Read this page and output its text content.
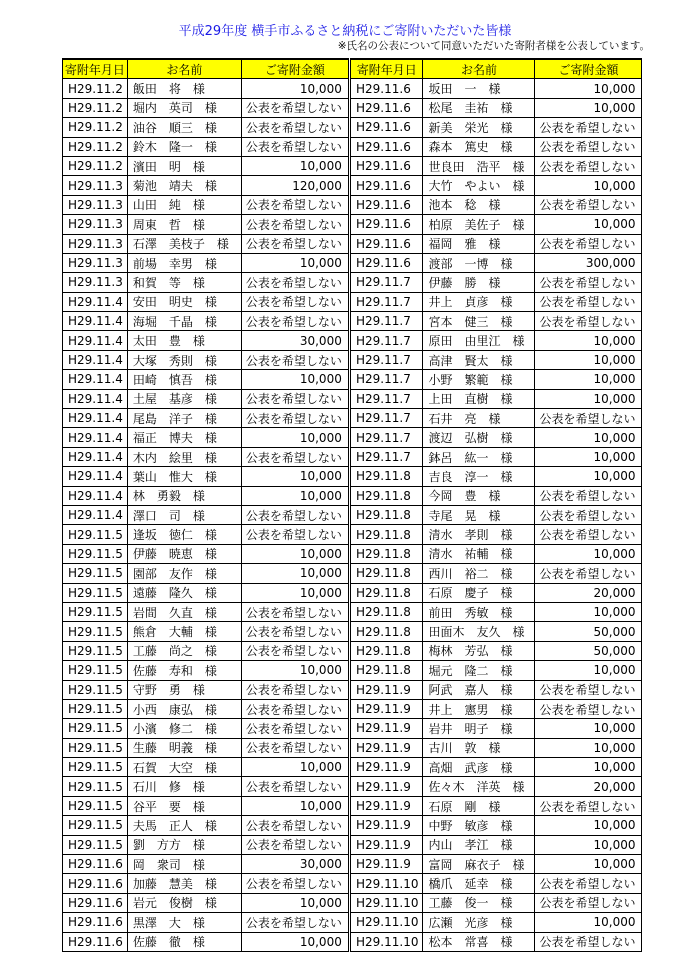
平成29年度 横手市ふるさと納税にご寄附いただいた皆様
※氏名の公表について同意いただいた寄附者様を公表しています。
寄附年月日	お名前	ご寄附金額
H29.11.2	飯田　将　様	10,000
H29.11.2	堀内　英司　様	公表を希望しない
H29.11.2	油谷　順三　様	公表を希望しない
H29.11.2	鈴木　隆一　様	公表を希望しない
H29.11.2	濱田　明　様	10,000
H29.11.3	菊池　靖夫　様	120,000
H29.11.3	山田　純　様	公表を希望しない
H29.11.3	周東　哲　様	公表を希望しない
H29.11.3	石澤　美枝子　様	公表を希望しない
H29.11.3	前場　幸男　様	10,000
H29.11.3	和賀　等　様	公表を希望しない
H29.11.4	安田　明史　様	公表を希望しない
H29.11.4	海堀　千晶　様	公表を希望しない
H29.11.4	太田　豊　様	30,000
H29.11.4	大塚　秀則　様	公表を希望しない
H29.11.4	田崎　慎吾　様	10,000
H29.11.4	土屋　基彦　様	公表を希望しない
H29.11.4	尾島　洋子　様	公表を希望しない
H29.11.4	福正　博夫　様	10,000
H29.11.4	木内　絵里　様	公表を希望しない
H29.11.4	葉山　惟大　様	10,000
H29.11.4	林　勇毅　様	10,000
H29.11.4	澤口　司　様	公表を希望しない
H29.11.5	逢坂　徳仁　様	公表を希望しない
H29.11.5	伊藤　暁恵　様	10,000
H29.11.5	園部　友作　様	10,000
H29.11.5	遠藤　隆久　様	10,000
H29.11.5	岩間　久直　様	公表を希望しない
H29.11.5	熊倉　大輔　様	公表を希望しない
H29.11.5	工藤　尚之　様	公表を希望しない
H29.11.5	佐藤　寿和　様	10,000
H29.11.5	守野　勇　様	公表を希望しない
H29.11.5	小西　康弘　様	公表を希望しない
H29.11.5	小濱　修二　様	公表を希望しない
H29.11.5	生藤　明義　様	公表を希望しない
H29.11.5	石賀　大空　様	10,000
H29.11.5	石川　修　様	公表を希望しない
H29.11.5	谷平　要　様	10,000
H29.11.5	夫馬　正人　様	公表を希望しない
H29.11.5	劉　方方　様	公表を希望しない
H29.11.6	岡　衆司　様	30,000
H29.11.6	加藤　慧美　様	公表を希望しない
H29.11.6	岩元　俊樹　様	10,000
H29.11.6	黒澤　大　様	公表を希望しない
H29.11.6	佐藤　徹　様	10,000
寄附年月日	お名前	ご寄附金額
H29.11.6	坂田　一　様	10,000
H29.11.6	松尾　圭祐　様	10,000
H29.11.6	新美　栄光　様	公表を希望しない
H29.11.6	森本　篤史　様	公表を希望しない
H29.11.6	世良田　浩平　様	公表を希望しない
H29.11.6	大竹　やよい　様	10,000
H29.11.6	池本　稔　様	公表を希望しない
H29.11.6	柏原　美佐子　様	10,000
H29.11.6	福岡　雅　様	公表を希望しない
H29.11.6	渡部　一博　様	300,000
H29.11.7	伊藤　勝　様	公表を希望しない
H29.11.7	井上　貞彦　様	公表を希望しない
H29.11.7	宮本　健三　様	公表を希望しない
H29.11.7	原田　由里江　様	10,000
H29.11.7	高津　賢太　様	10,000
H29.11.7	小野　繁範　様	10,000
H29.11.7	上田　直樹　様	10,000
H29.11.7	石井　亮　様	公表を希望しない
H29.11.7	渡辺　弘樹　様	10,000
H29.11.7	鉢呂　紘一　様	10,000
H29.11.8	吉良　淳一　様	10,000
H29.11.8	今岡　豊　様	公表を希望しない
H29.11.8	寺尾　晃　様	公表を希望しない
H29.11.8	清水　孝則　様	公表を希望しない
H29.11.8	清水　祐輔　様	10,000
H29.11.8	西川　裕二　様	公表を希望しない
H29.11.8	石原　慶子　様	20,000
H29.11.8	前田　秀敏　様	10,000
H29.11.8	田面木　友久　様	50,000
H29.11.8	梅林　芳弘　様	50,000
H29.11.8	堀元　隆二　様	10,000
H29.11.9	阿武　嘉人　様	公表を希望しない
H29.11.9	井上　憲男　様	公表を希望しない
H29.11.9	岩井　明子　様	10,000
H29.11.9	古川　敦　様	10,000
H29.11.9	高畑　武彦　様	10,000
H29.11.9	佐々木　洋英　様	20,000
H29.11.9	石原　剛　様	公表を希望しない
H29.11.9	中野　敏彦　様	10,000
H29.11.9	内山　孝江　様	10,000
H29.11.9	富岡　麻衣子　様	10,000
H29.11.10	橋爪　延幸　様	公表を希望しない
H29.11.10	工藤　俊一　様	公表を希望しない
H29.11.10	広瀬　光彦　様	10,000
H29.11.10	松本　常喜　様	公表を希望しない
